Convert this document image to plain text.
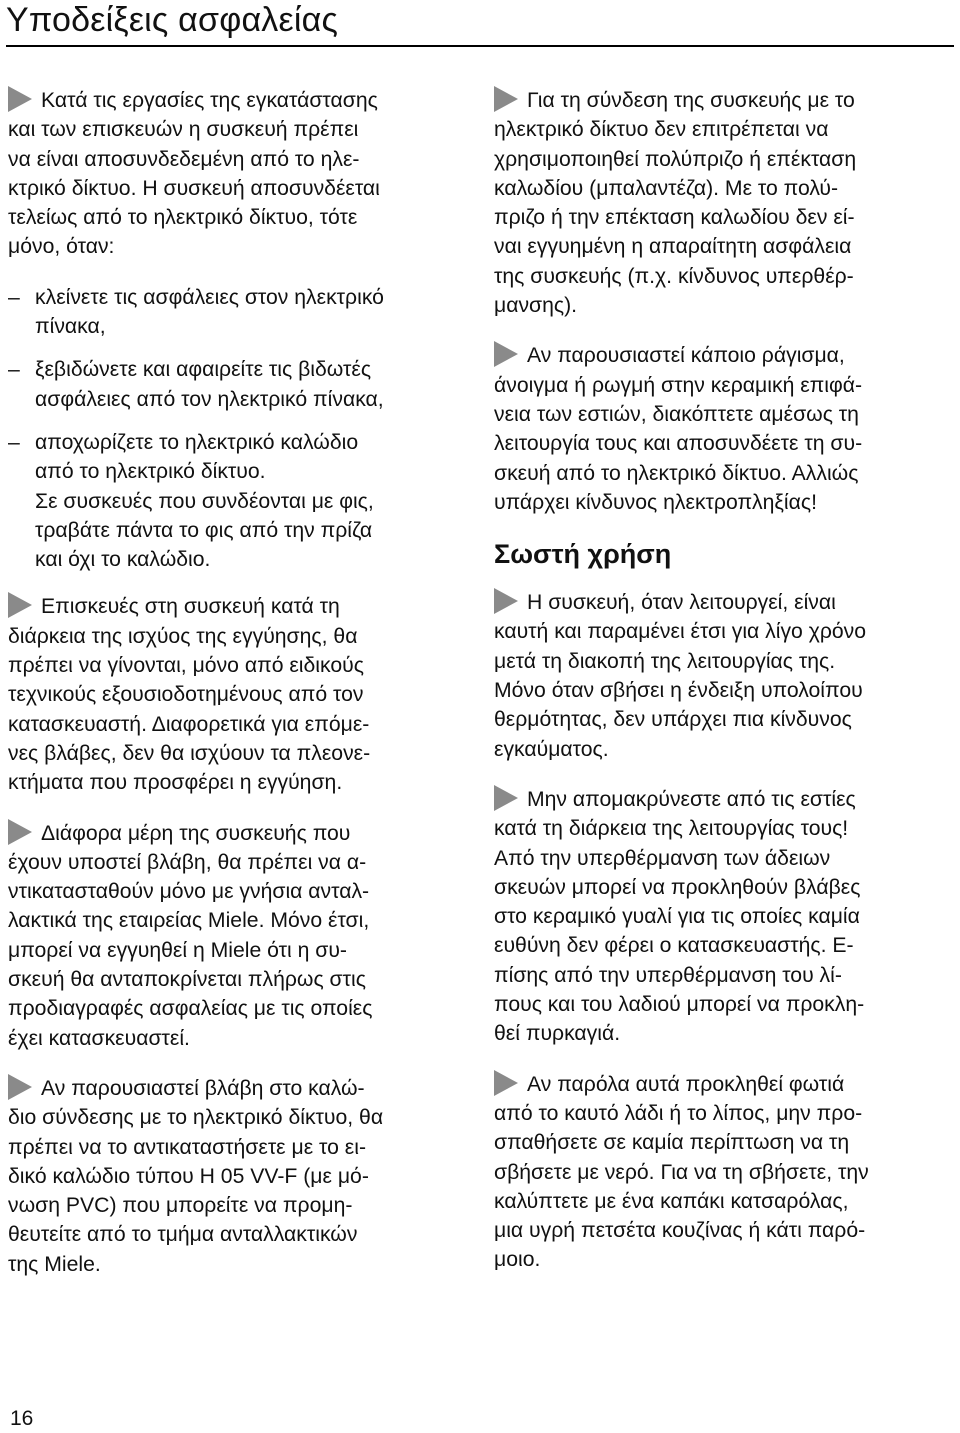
Υποδείξεις ασφαλείας
Κατά τις εργασίες της εγκατάστασης
και των επισκευών η συσκευή πρέπει
να είναι αποσυνδεδεμένη από το ηλε-
κτρικό δίκτυο. Η συσκευή αποσυνδέεται
τελείως από το ηλεκτρικό δίκτυο, τότε
μόνο, όταν:
– κλείνετε τις ασφάλειες στον ηλεκτρικό
πίνακα,
– ξεβιδώνετε και αφαιρείτε τις βιδωτές
ασφάλειες από τον ηλεκτρικό πίνακα,
– αποχωρίζετε το ηλεκτρικό καλώδιο
από το ηλεκτρικό δίκτυο.
Σε συσκευές που συνδέονται με φις,
τραβάτε πάντα το φις από την πρίζα
και όχι το καλώδιο.
Επισκευές στη συσκευή κατά τη
διάρκεια της ισχύος της εγγύησης, θα
πρέπει να γίνονται, μόνο από ειδικούς
τεχνικούς εξουσιοδοτημένους από τον
κατασκευαστή. Διαφορετικά για επόμε-
νες βλάβες, δεν θα ισχύουν τα πλεονε-
κτήματα που προσφέρει η εγγύηση.
Διάφορα μέρη της συσκευής που
έχουν υποστεί βλάβη, θα πρέπει να α-
ντικατασταθούν μόνο με γνήσια ανταλ-
λακτικά της εταιρείας Miele. Μόνο έτσι,
μπορεί να εγγυηθεί η Miele ότι η συ-
σκευή θα ανταποκρίνεται πλήρως στις
προδιαγραφές ασφαλείας με τις οποίες
έχει κατασκευαστεί.
Αν παρουσιαστεί βλάβη στο καλώ-
διο σύνδεσης με το ηλεκτρικό δίκτυο, θα
πρέπει να το αντικαταστήσετε με το ει-
δικό καλώδιο τύπου H 05 VV-F (με μό-
νωση PVC) που μπορείτε να προμη-
θευτείτε από το τμήμα ανταλλακτικών
της Miele.
Για τη σύνδεση της συσκευής με το
ηλεκτρικό δίκτυο δεν επιτρέπεται να
χρησιμοποιηθεί πολύπριζο ή επέκταση
καλωδίου (μπαλαντέζα). Με το πολύ-
πριζο ή την επέκταση καλωδίου δεν εί-
ναι εγγυημένη η απαραίτητη ασφάλεια
της συσκευής (π.χ. κίνδυνος υπερθέρ-
μανσης).
Αν παρουσιαστεί κάποιο ράγισμα,
άνοιγμα ή ρωγμή στην κεραμική επιφά-
νεια των εστιών, διακόπτετε αμέσως τη
λειτουργία τους και αποσυνδέετε τη συ-
σκευή από το ηλεκτρικό δίκτυο. Αλλιώς
υπάρχει κίνδυνος ηλεκτροπληξίας!
Σωστή χρήση
Η συσκευή, όταν λειτουργεί, είναι
καυτή και παραμένει έτσι για λίγο χρόνο
μετά τη διακοπή της λειτουργίας της.
Μόνο όταν σβήσει η ένδειξη υπολοίπου
θερμότητας, δεν υπάρχει πια κίνδυνος
εγκαύματος.
Μην απομακρύνεστε από τις εστίες
κατά τη διάρκεια της λειτουργίας τους!
Από την υπερθέρμανση των άδειων
σκευών μπορεί να προκληθούν βλάβες
στο κεραμικό γυαλί για τις οποίες καμία
ευθύνη δεν φέρει ο κατασκευαστής. Ε-
πίσης από την υπερθέρμανση του λί-
πους και του λαδιού μπορεί να προκλη-
θεί πυρκαγιά.
Αν παρόλα αυτά προκληθεί φωτιά
από το καυτό λάδι ή το λίπος, μην προ-
σπαθήσετε σε καμία περίπτωση να τη
σβήσετε με νερό. Για να τη σβήσετε, την
καλύπτετε με ένα καπάκι κατσαρόλας,
μια υγρή πετσέτα κουζίνας ή κάτι παρό-
μοιο.
16
